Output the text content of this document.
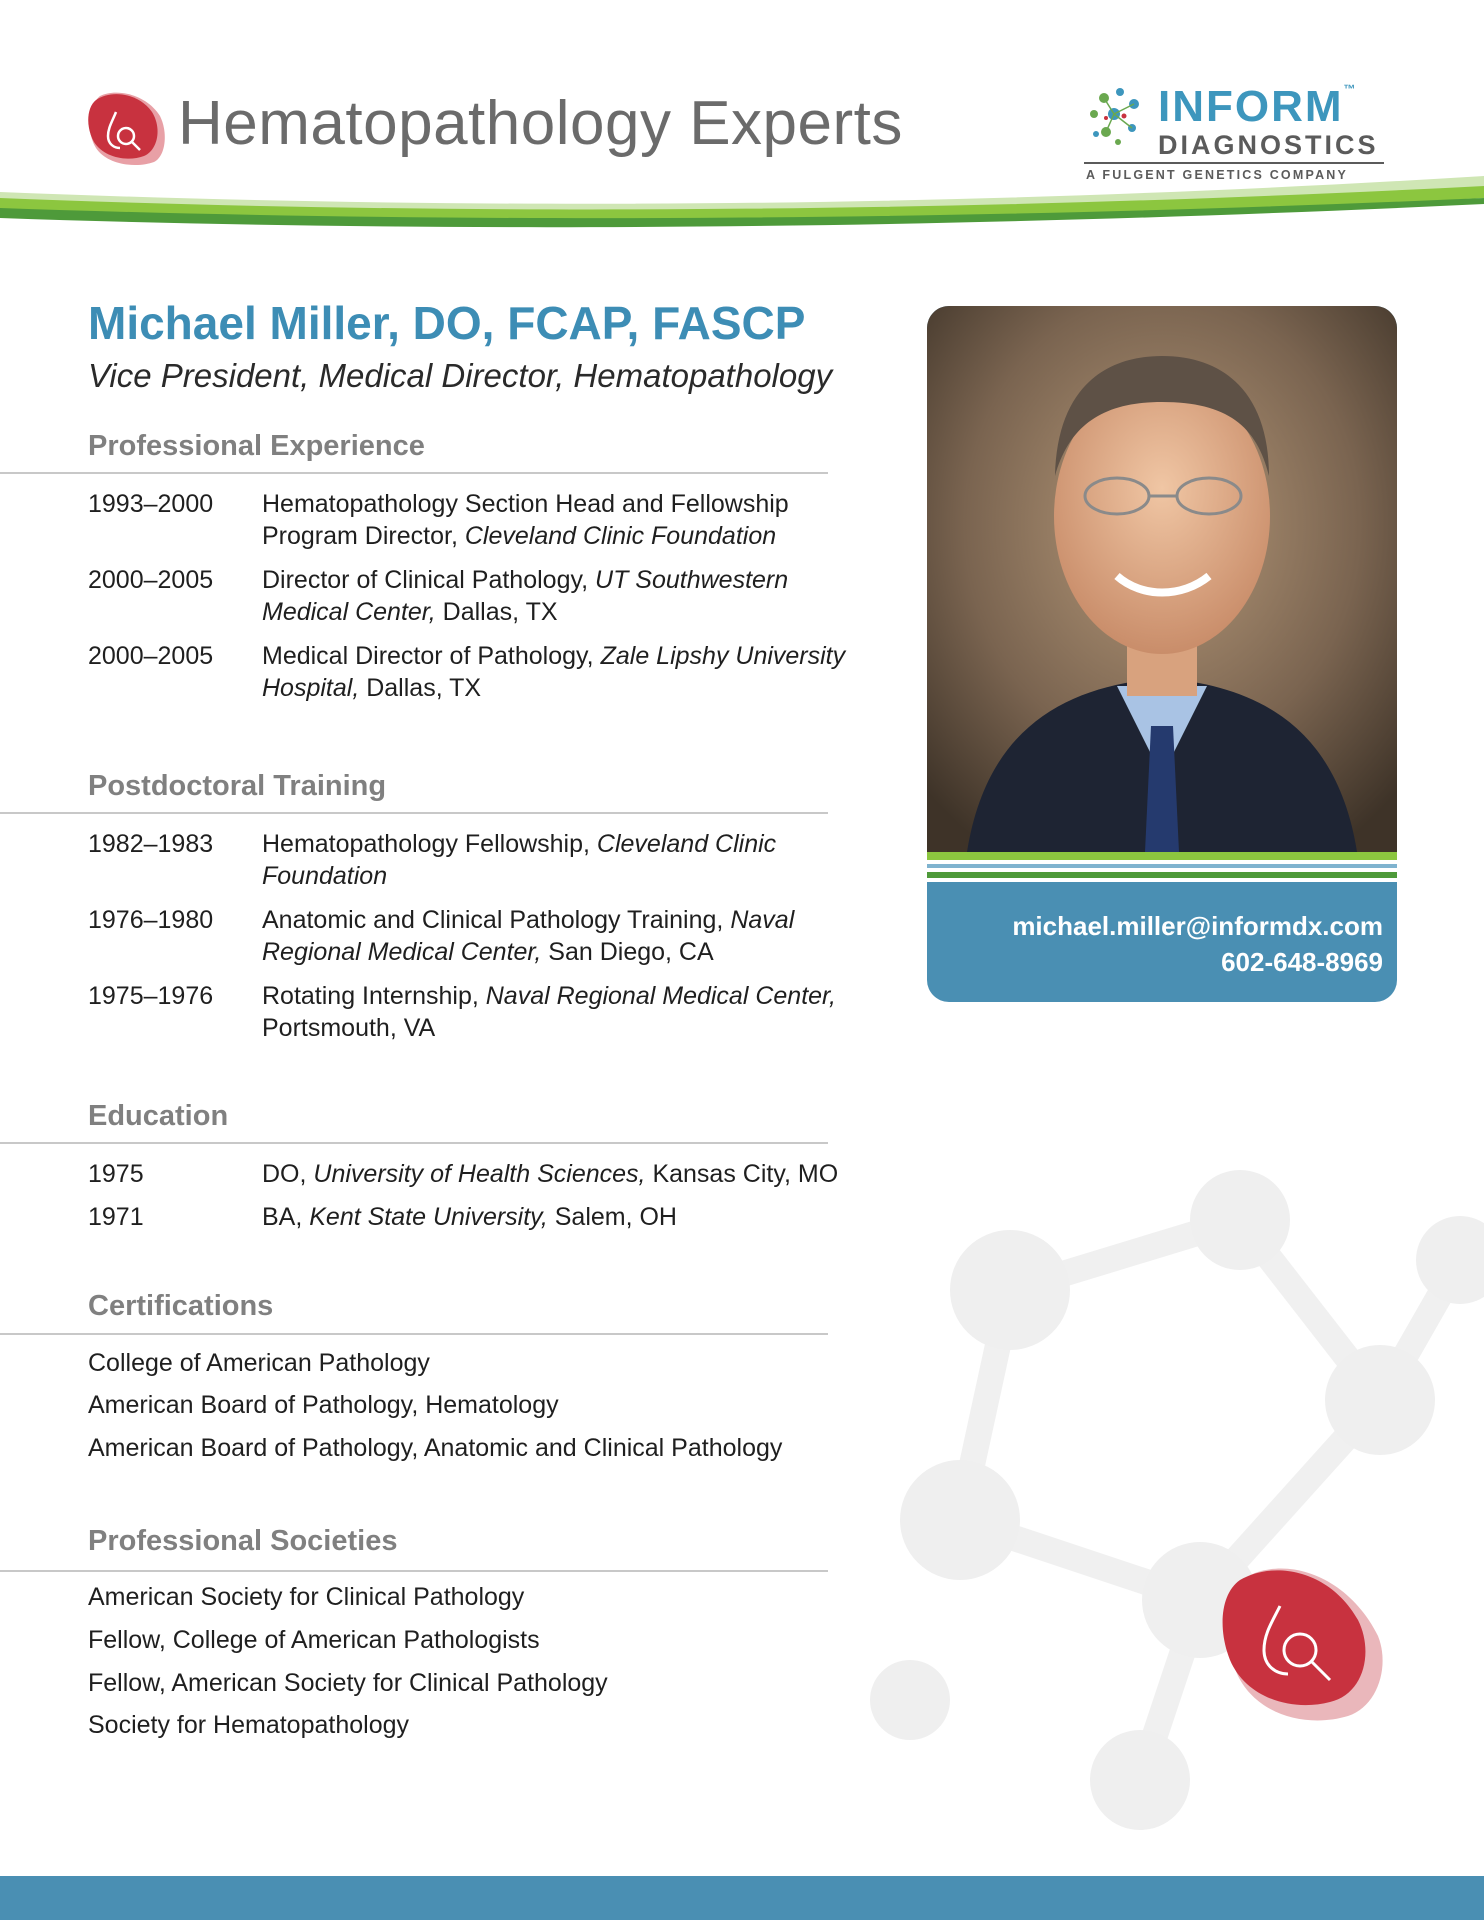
Hematopathology Experts	INFORM™
DIAGNOSTICS
A FULGENT GENETICS COMPANY
Michael Miller, DO, FCAP, FASCP
Vice President, Medical Director, Hematopathology
Professional Experience
1993–2000 Hematopathology Section Head and Fellowship Program Director, Cleveland Clinic Foundation
2000–2005 Director of Clinical Pathology, UT Southwestern Medical Center, Dallas, TX
2000–2005 Medical Director of Pathology, Zale Lipshy University Hospital, Dallas, TX
Postdoctoral Training
1982–1983 Hematopathology Fellowship, Cleveland Clinic Foundation
1976–1980 Anatomic and Clinical Pathology Training, Naval Regional Medical Center, San Diego, CA
1975–1976 Rotating Internship, Naval Regional Medical Center, Portsmouth, VA
Education
1975	DO, University of Health Sciences, Kansas City, MO
1971	BA, Kent State University, Salem, OH
Certifications
College of American Pathology
American Board of Pathology, Hematology
American Board of Pathology, Anatomic and Clinical Pathology
Professional Societies
American Society for Clinical Pathology
Fellow, College of American Pathologists
Fellow, American Society for Clinical Pathology
Society for Hematopathology
michael.miller@informdx.com
602-648-8969
